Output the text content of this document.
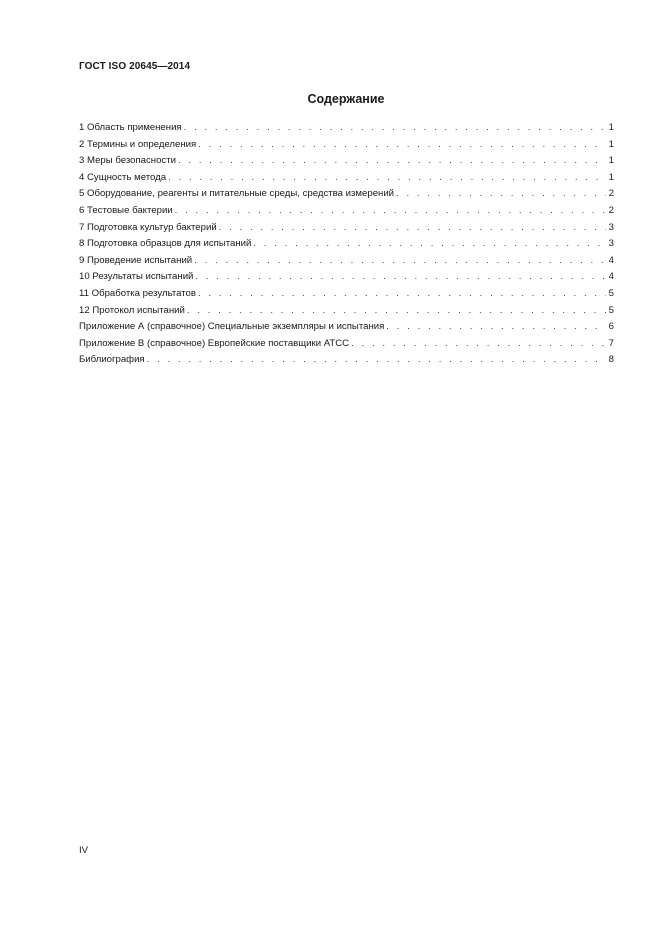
ГОСТ ISO 20645—2014
Содержание
1 Область применения . . .	1
2 Термины и определения . . .	1
3 Меры безопасности . . .	1
4 Сущность метода . . .	1
5 Оборудование, реагенты и питательные среды, средства измерений . . .	2
6 Тестовые бактерии . . .	2
7 Подготовка культур бактерий . . .	3
8 Подготовка образцов для испытаний . . .	3
9 Проведение испытаний . . .	4
10 Результаты испытаний . . .	4
11 Обработка результатов . . .	5
12 Протокол испытаний . . .	5
Приложение А (справочное) Специальные экземпляры и испытания . . .	6
Приложение В (справочное) Европейские поставщики АТСС . . .	7
Библиография . . .	8
IV
